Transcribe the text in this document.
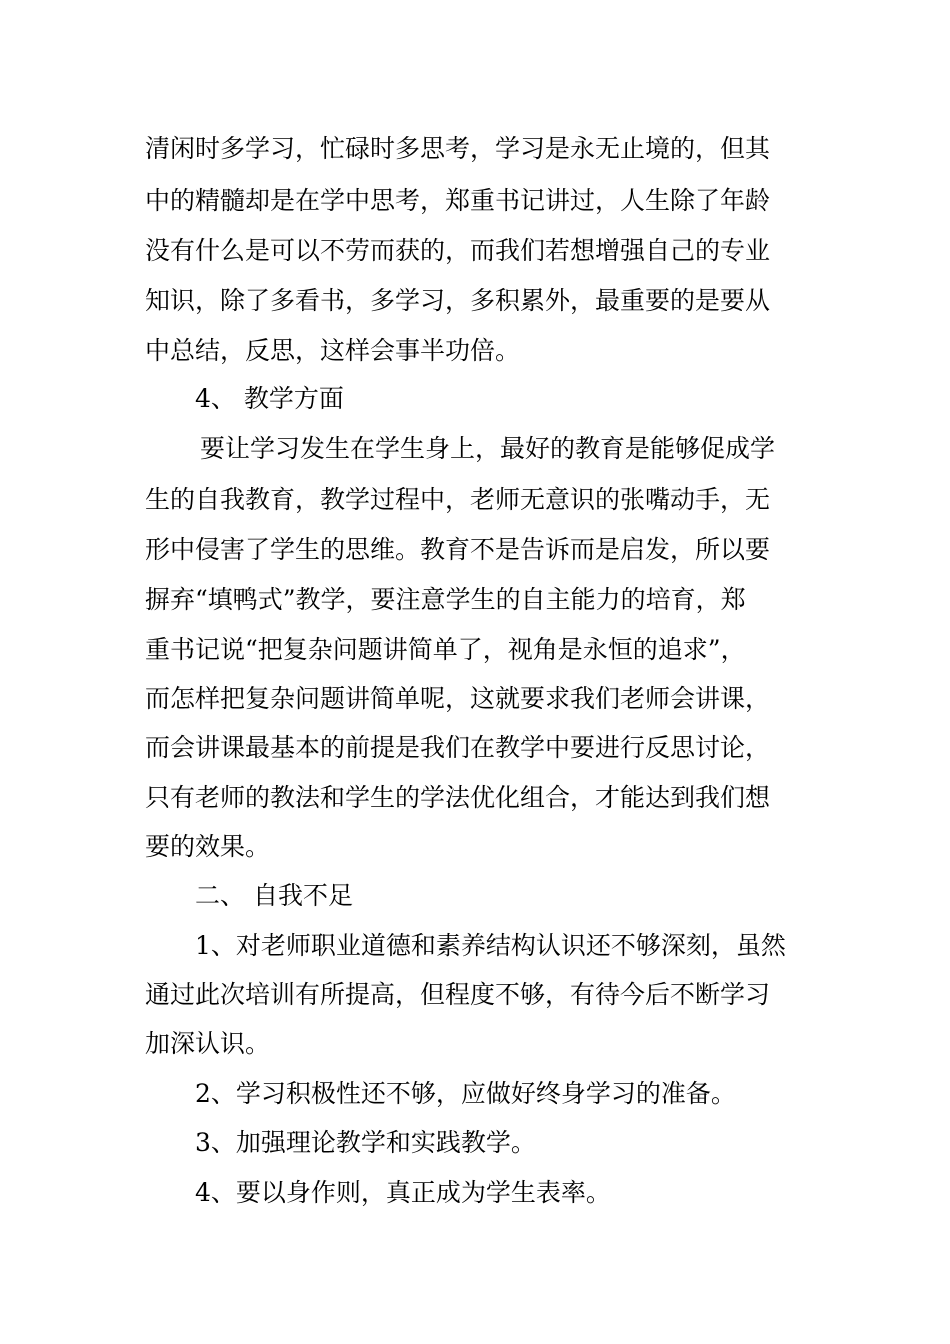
清闲时多学习，忙碌时多思考，学习是永无止境的，但其
中的精髓却是在学中思考，郑重书记讲过，人生除了年龄
没有什么是可以不劳而获的，而我们若想增强自己的专业
知识，除了多看书，多学习，多积累外，最重要的是要从
中总结，反思，这样会事半功倍。
4、 教学方面
要让学习发生在学生身上，最好的教育是能够促成学
生的自我教育，教学过程中，老师无意识的张嘴动手，无
形中侵害了学生的思维。教育不是告诉而是启发，所以要
摒弃“填鸭式”教学，要注意学生的自主能力的培育，郑
重书记说“把复杂问题讲简单了，视角是永恒的追求”，
而怎样把复杂问题讲简单呢，这就要求我们老师会讲课，
而会讲课最基本的前提是我们在教学中要进行反思讨论，
只有老师的教法和学生的学法优化组合，才能达到我们想
要的效果。
二、 自我不足
1、对老师职业道德和素养结构认识还不够深刻，虽然
通过此次培训有所提高，但程度不够，有待今后不断学习
加深认识。
2、学习积极性还不够，应做好终身学习的准备。
3、加强理论教学和实践教学。
4、要以身作则，真正成为学生表率。
